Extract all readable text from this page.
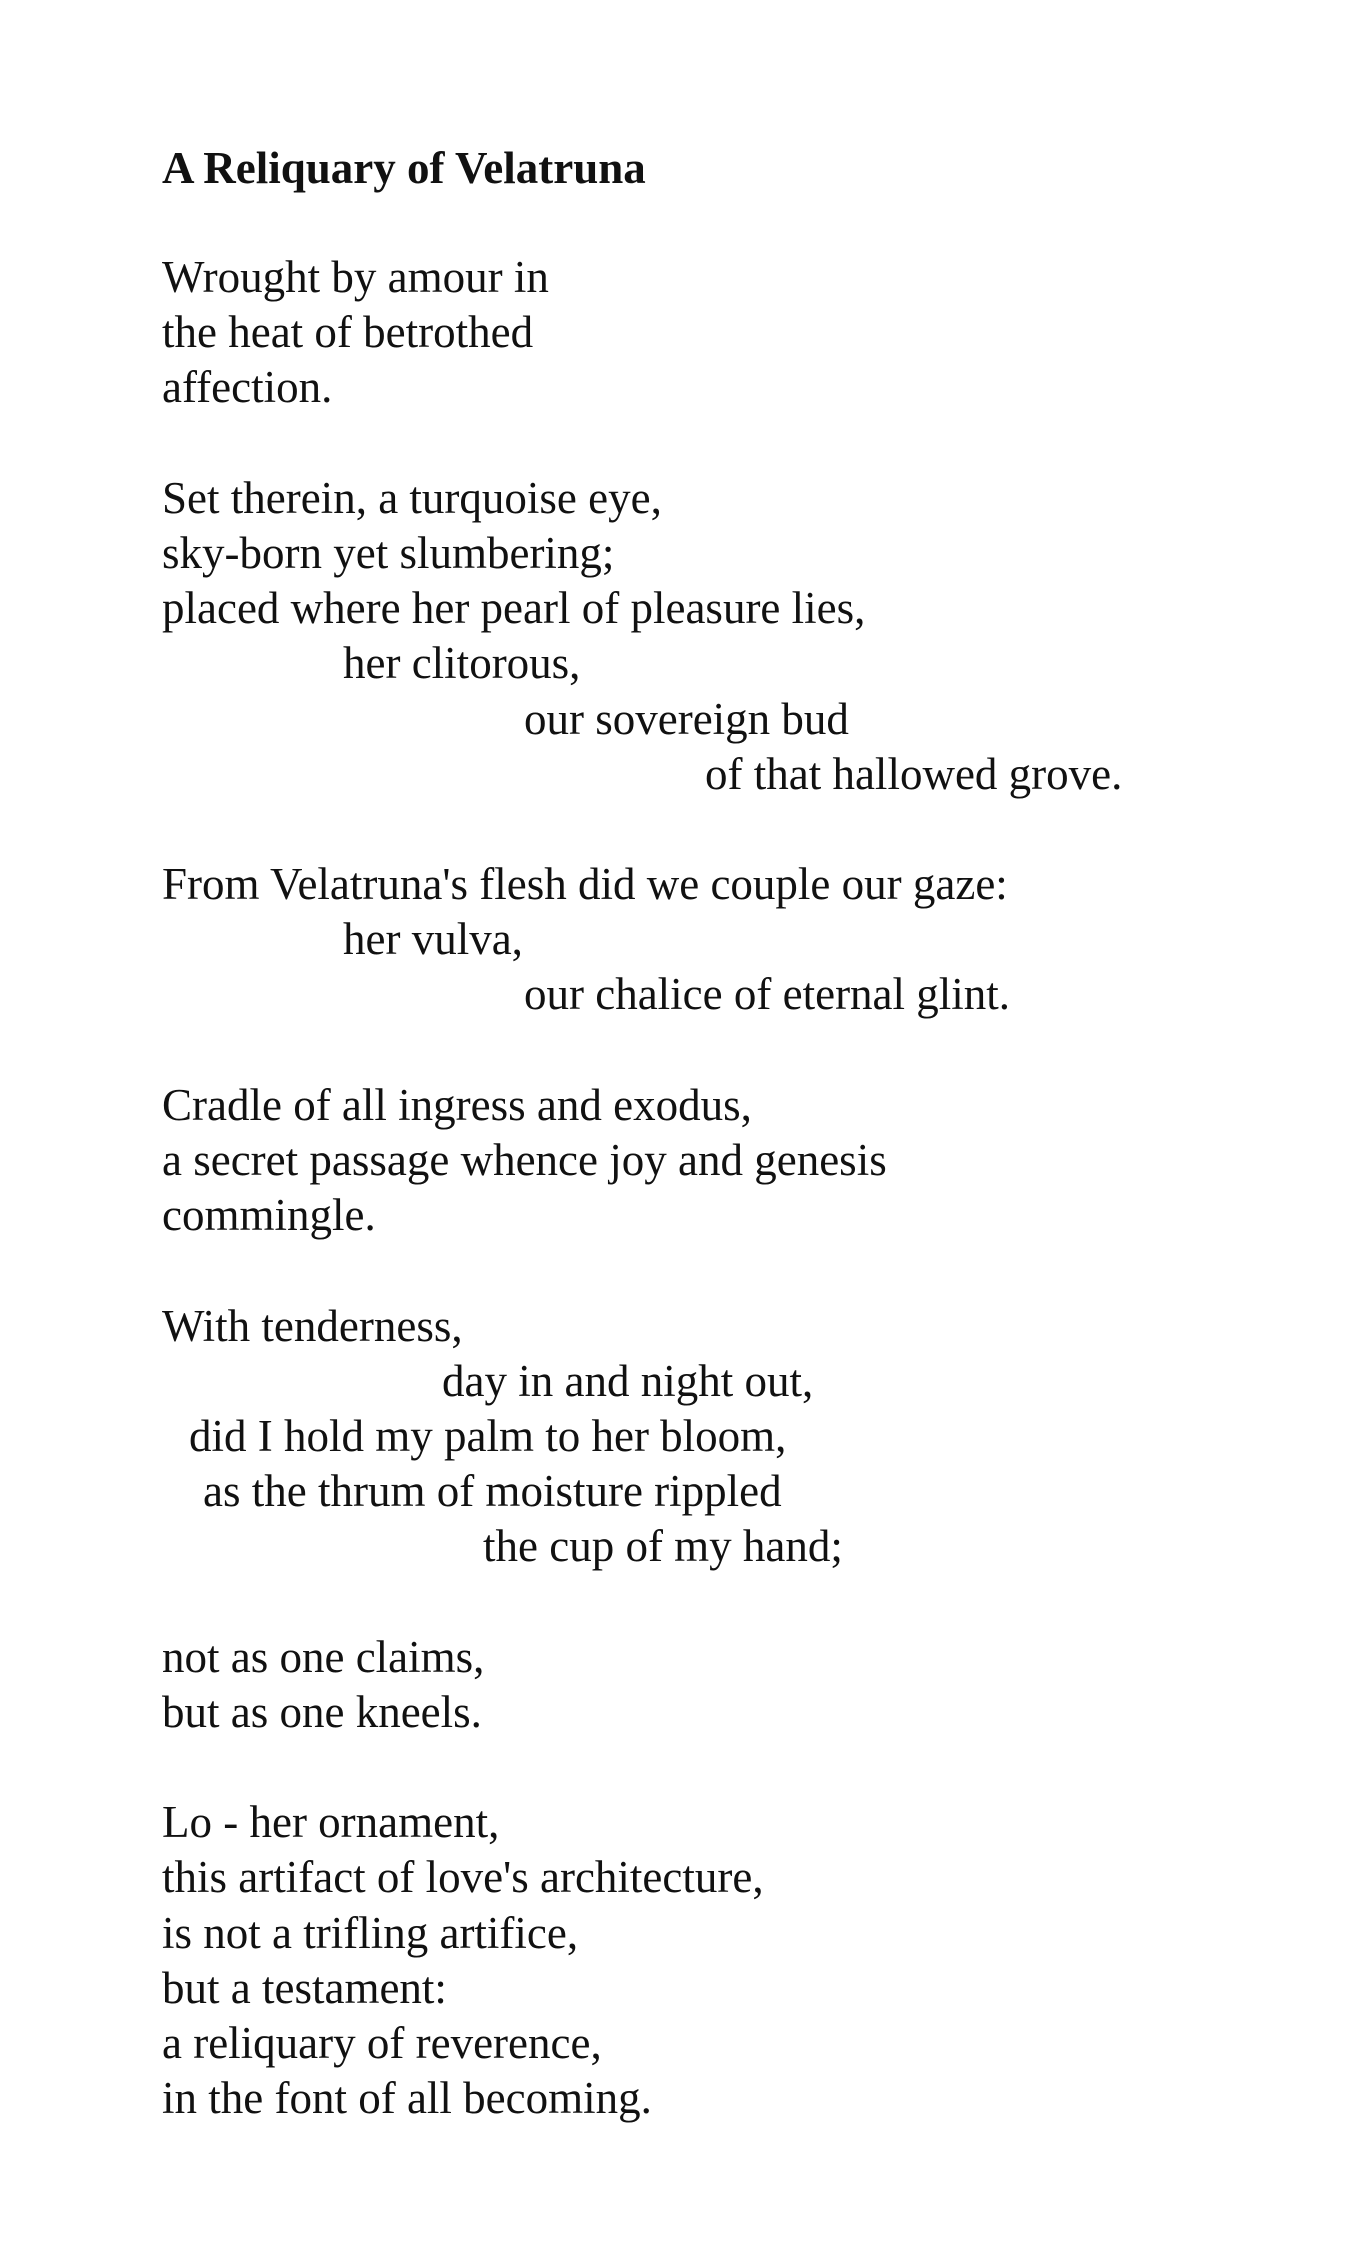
A Reliquary of Velatruna
Wrought by amour in
the heat of betrothed
affection.
Set therein, a turquoise eye,
sky-born yet slumbering;
placed where her pearl of pleasure lies,
her clitorous,
our sovereign bud
of that hallowed grove.
From Velatruna's flesh did we couple our gaze:
her vulva,
our chalice of eternal glint.
Cradle of all ingress and exodus,
a secret passage whence joy and genesis
commingle.
With tenderness,
day in and night out,
did I hold my palm to her bloom,
as the thrum of moisture rippled
the cup of my hand;
not as one claims,
but as one kneels.
Lo - her ornament,
this artifact of love's architecture,
is not a trifling artifice,
but a testament:
a reliquary of reverence,
in the font of all becoming.
